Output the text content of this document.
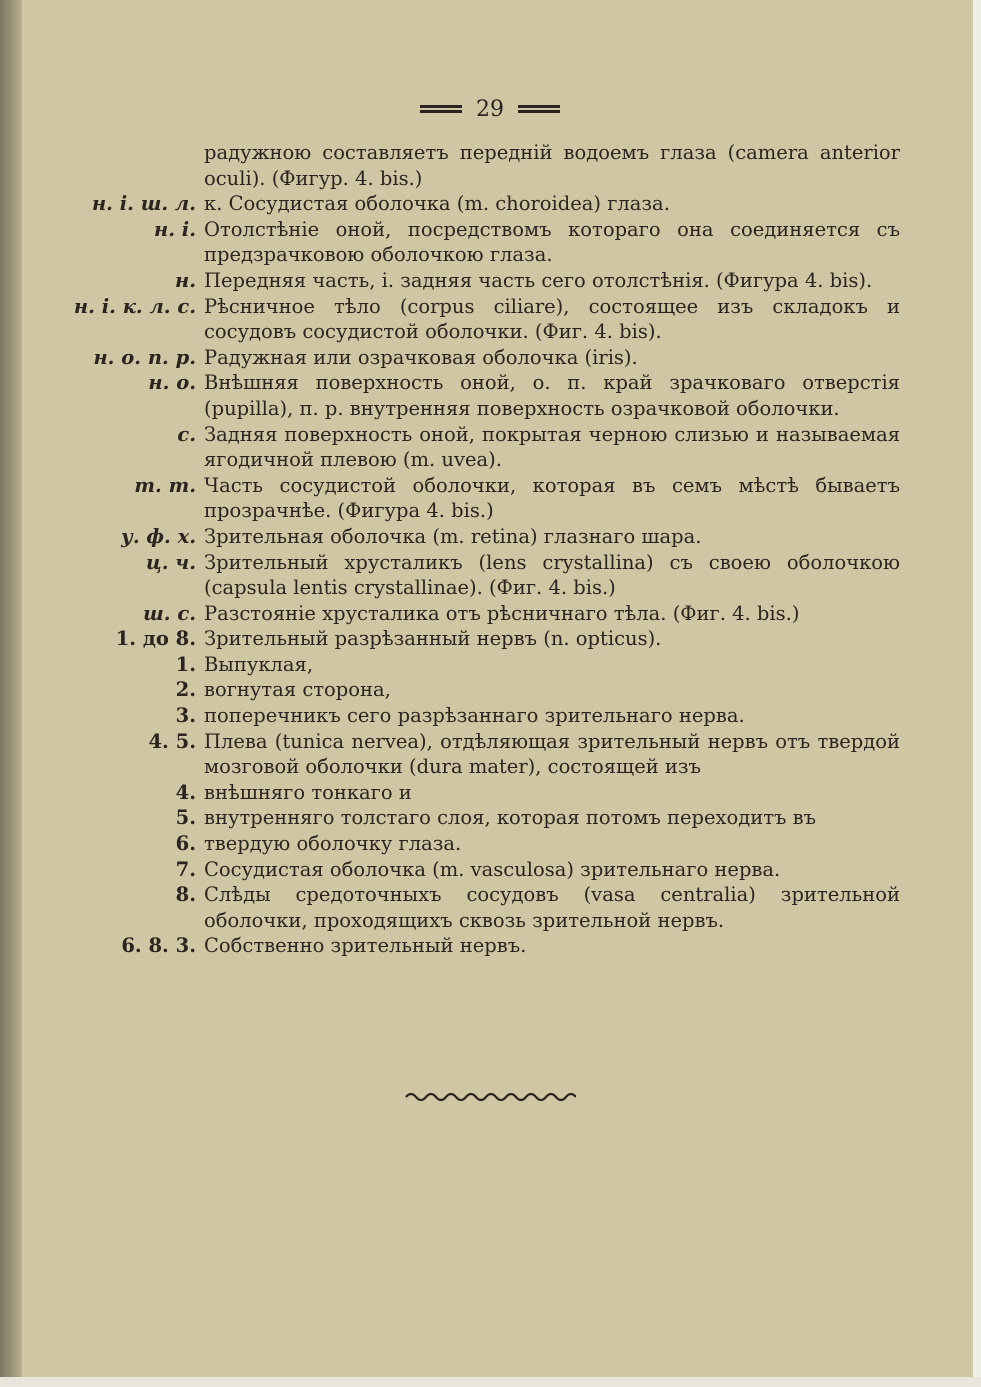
29
радужною составляетъ переднiй водоемъ глаза (camera anterior oculi). (Фигур. 4. bis.)
н. i. ш. л. к. Сосудистая оболочка (m. choroidea) глаза.
н. i. Отолстѣнiе оной, посредствомъ котораго она соединяется съ предзрачковою оболочкою глаза.
н. Передняя часть, i. задняя часть сего отолстѣнiя. (Фигура 4. bis).
н. i. к. л. с. Рѣсничное тѣло (corpus ciliare), состоящее изъ складокъ и сосудовъ сосудистой оболочки. (Фиг. 4. bis).
н. о. п. р. Радужная или озрачковая оболочка (iris).
н. о. Внѣшняя поверхность оной, о. п. край зрачковаго отверстiя (pupilla), п. р. внутренняя поверхность озрачковой оболочки.
с. Задняя поверхность оной, покрытая черною слизью и называемая ягодичной плевою (m. uvea).
т. т. Часть сосудистой оболочки, которая въ семъ мѣстѣ бываетъ прозрачнѣе. (Фигура 4. bis.)
у. ф. х. Зрительная оболочка (m. retina) глазнаго шара.
ц. ч. Зрительный хрусталикъ (lens crystallina) съ своею оболочкою (capsula lentis crystallinae). (Фиг. 4. bis.)
ш. с. Разстоянiе хрусталика отъ рѣсничнаго тѣла. (Фиг. 4. bis.)
1. до 8. Зрительный разрѣзанный нервъ (n. opticus).
1. Выпуклая,
2. вогнутая сторона,
3. поперечникъ сего разрѣзаннаго зрительнаго нерва.
4. 5. Плева (tunica nervea), отдѣляющая зрительный нервъ отъ твердой мозговой оболочки (dura mater), состоящей изъ
4. внѣшняго тонкаго и
5. внутренняго толстаго слоя, которая потомъ переходитъ въ
6. твердую оболочку глаза.
7. Сосудистая оболочка (m. vasculosa) зрительнаго нерва.
8. Слѣды средоточныхъ сосудовъ (vasa centralia) зрительной оболочки, проходящихъ сквозь зрительной нервъ.
6. 8. 3. Собственно зрительный нервъ.
